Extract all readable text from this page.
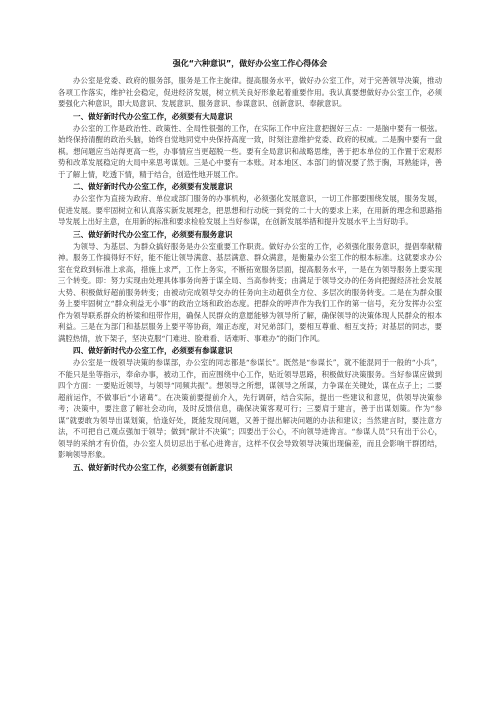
强化“六种意识”，做好办公室工作心得体会
办公室是党委、政府的服务部，服务是工作主旋律。提高服务水平，做好办公室工作，对于完善领导决策，推动各项工作落实，维护社会稳定，促进经济发展，树立机关良好形象起着重要作用。我认真要想做好办公室工作，必须要强化六种意识，即大局意识、发展意识、服务意识、参谋意识、创新意识、奉献意识。
一、做好新时代办公室工作，必须要有大局意识
办公室的工作是政治性、政策性、全局性很强的工作，在实际工作中应注意把握好三点：一是脑中要有一根弦。始终保持清醒的政治头脑，始终自觉地同党中央保持高度一致，时刻注意维护党委、政府的权威。二是胸中要有一盘棋。想问题应当站得更高一些，办事情应当更超脱一些。要有全局意识和战略思维，善于把本单位的工作置于宏观形势和改革发展稳定的大局中来思考谋划。三是心中要有一本账。对本地区、本部门的情况要了然于胸，耳熟能详，善于了解上情，吃透下情，精于结合，创造性地开展工作。
二、做好新时代办公室工作，必须要有发展意识
办公室作为直接为政府、单位或部门服务的办事机构，必须强化发展意识，一切工作都要围绕发展，服务发展，促进发展。要牢固树立和认真落实新发展理念，把思想和行动统一到党的二十大的要求上来，在用新的理念和思路指导发展上出好主意，在用新的标准和要求检验发展上当好参谋，在创新发展举措和提升发展水平上当好助手。
三、做好新时代办公室工作，必须要有服务意识
为领导、为基层、为群众搞好服务是办公室重要工作职责。做好办公室的工作，必须强化服务意识，提倡奉献精神。服务工作搞得好不好，能不能让领导满意、基层满意、群众满意，是衡量办公室工作的根本标准。这就要求办公室在党政到标准上求高，措施上求严，工作上务实，不断拓宽服务层面，提高服务水平，一是在为领导服务上要实现三个转变。即：努力实现由处理具体事务向善于谋全局、当高参转变；由满足于领导交办的任务向把握经济社会发展大势、积极做好超前服务转变；由被动完成领导交办的任务向主动超供全方位、多层次的服务转变。二是在为群众服务上要牢固树立“群众利益无小事”的政治立场和政治态度。把群众的呼声作为我们工作的第一信号，充分发挥办公室作为领导联系群众的桥梁和纽带作用，确保人民群众的意愿能够为领导所了解，确保领导的决策体现人民群众的根本利益。三是在为部门和基层服务上要平等协商，端正态度，对兄弟部门，要相互尊重、相互支持；对基层的同志，要满腔热情，放下架子，坚决克服“门难进、脸难看、话难听、事难办”的衙门作风。
四、做好新时代办公室工作，必须要有参谋意识
办公室是一级领导决策的参谋部，办公室的同志都是“参谋长”。既然是“参谋长”，就不能混同于一般的“小兵”，不能只是坐等指示，奉命办事，被动工作，而应围绕中心工作，贴近领导思路，积极做好决策服务。当好参谋应做到四个方面：一要贴近领导，与领导“同频共振”。想领导之所想，谋领导之所谋，力争谋在关键处，谋在点子上；二要超前运作，不做事后“小诸葛”。在决策前要提前介入，先行调研，结合实际，提出一些建议和意见，供领导决策参考；决策中，要注意了解社会动向，及时反馈信息，确保决策客观可行；三要肩于建言，善于出谋划策。作为“参谋”就要敢为领导出谋划策，恰逢好处，既能发现问题，又善于提出解决问题的办法和建议；当然建言时，要注意方法，不可把自己观点强加于领导；做到“献计不决策”；四要出于公心，不向领导进谗言。“参谋人员”只有出于公心，领导的采纳才有价值，办公室人员切忌出于私心进谗言，这样不仅会导致领导决策出现偏差，而且会影响干群团结，影响领导形象。
五、做好新时代办公室工作，必须要有创新意识
